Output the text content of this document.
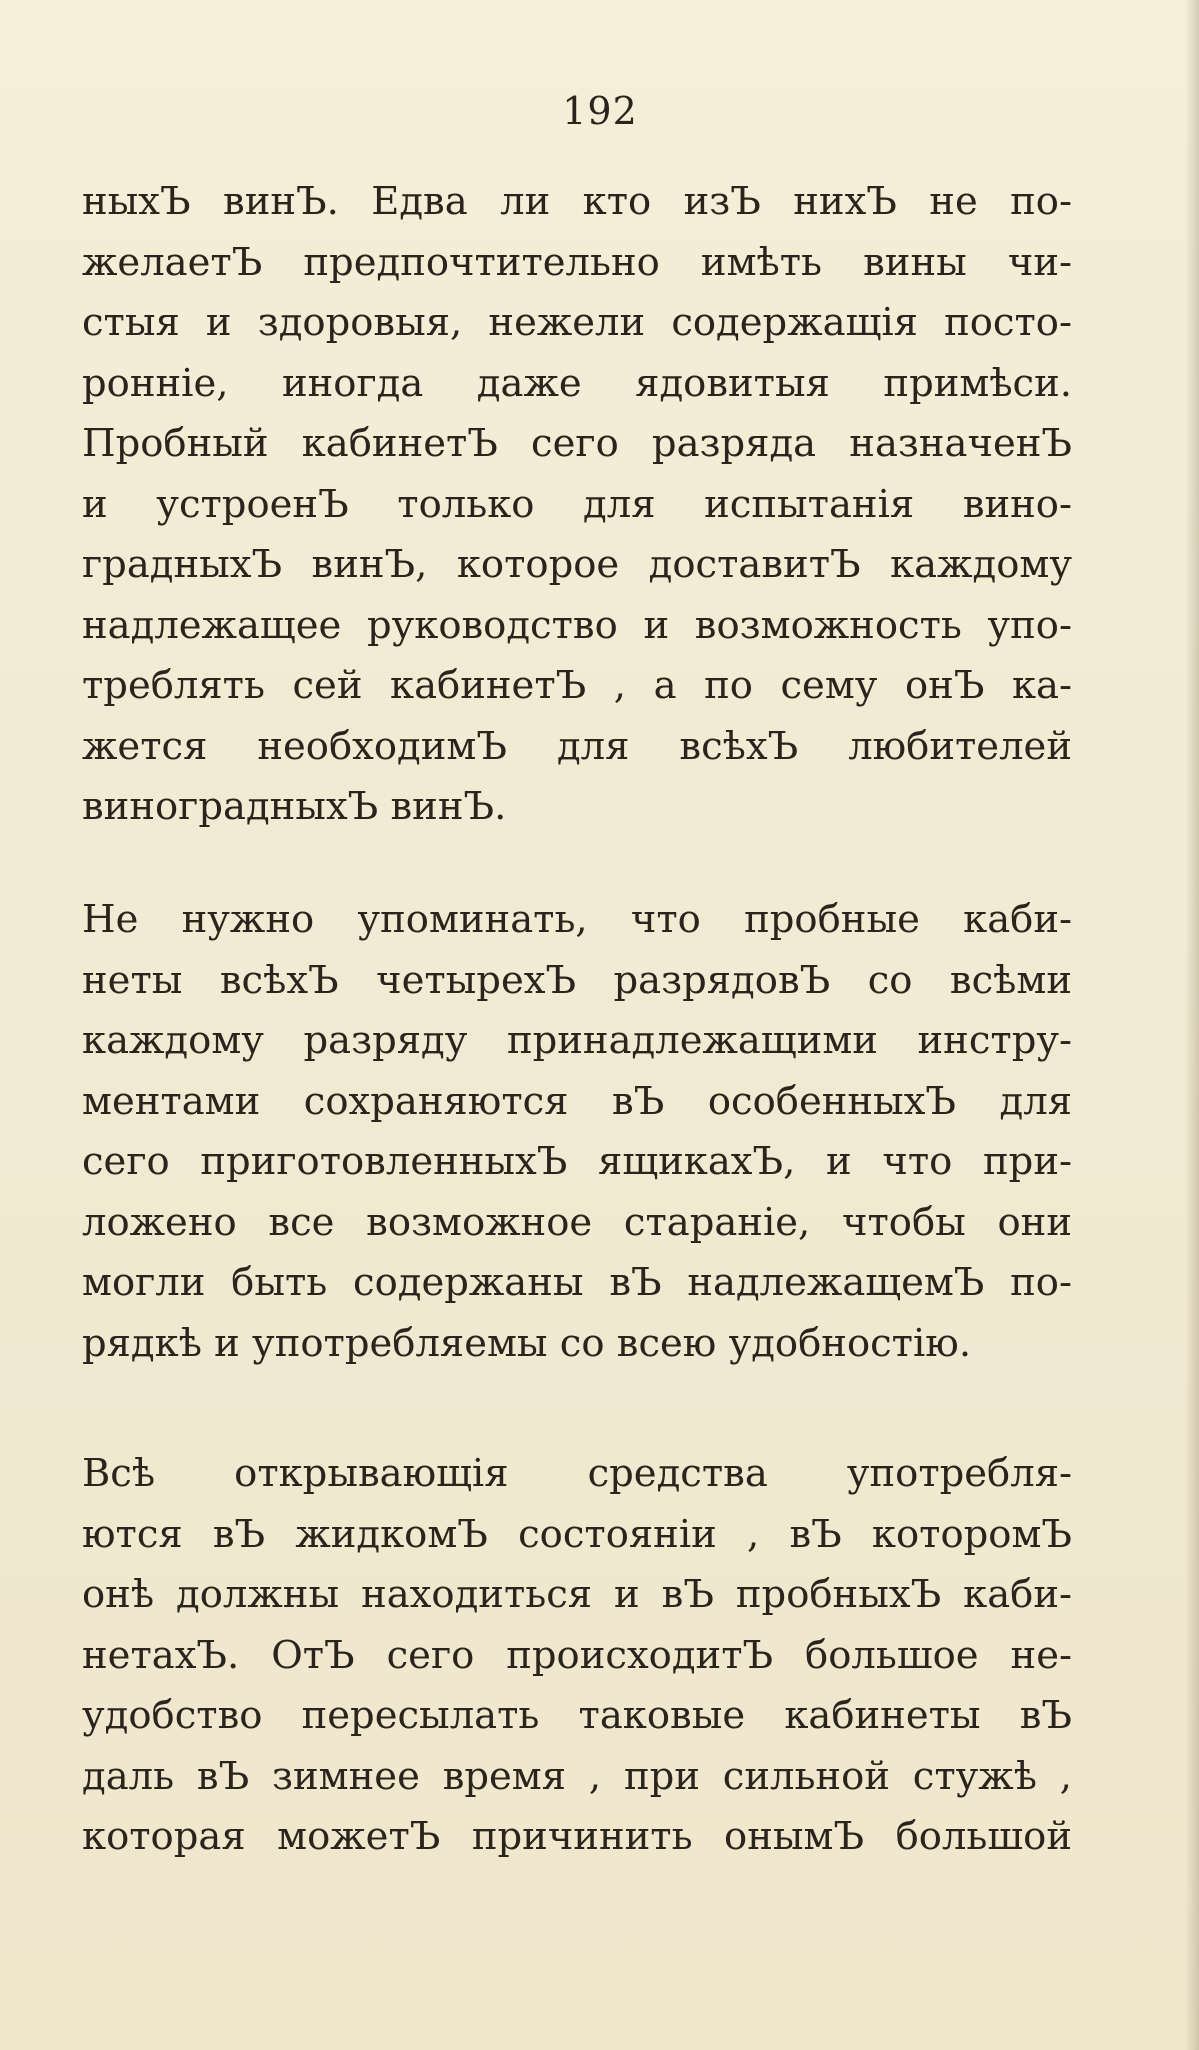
192
ныхЪ винЪ. Едва ли кто изЪ нихЪ не по-
желаетЪ предпочтительно имѣть вины чи-
стыя и здоровыя, нежели содержащія посто-
ронніе, иногда даже ядовитыя примѣси.
Пробный кабинетЪ сего разряда назначенЪ
и устроенЪ только для испытанія вино-
градныхЪ винЪ, которое доставитЪ каждому
надлежащее руководство и возможность упо-
треблять сей кабинетЪ , а по сему онЪ ка-
жется необходимЪ для всѣхЪ любителей
виноградныхЪ винЪ.
Не нужно упоминать, что пробные каби-
неты всѣхЪ четырехЪ разрядовЪ со всѣми
каждому разряду принадлежащими инстру-
ментами сохраняются вЪ особенныхЪ для
сего приготовленныхЪ ящикахЪ, и что при-
ложено все возможное стараніе, чтобы они
могли быть содержаны вЪ надлежащемЪ по-
рядкѣ и употребляемы со всею удобностію.
Всѣ открывающія средства употребля-
ются вЪ жидкомЪ состояніи , вЪ которомЪ
онѣ должны находиться и вЪ пробныхЪ каби-
нетахЪ. ОтЪ сего происходитЪ большое не-
удобство пересылать таковые кабинеты вЪ
даль вЪ зимнее время , при сильной стужѣ ,
которая можетЪ причинить онымЪ большой
